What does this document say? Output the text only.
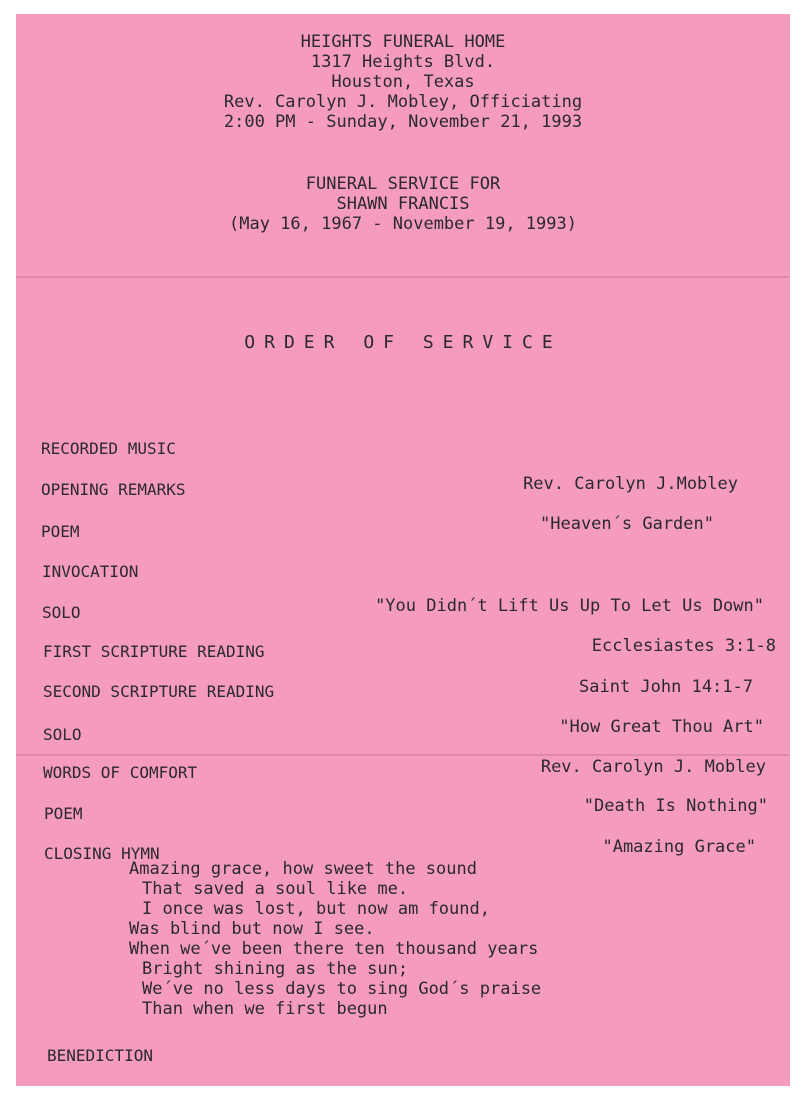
HEIGHTS FUNERAL HOME
1317 Heights Blvd.
Houston, Texas
Rev. Carolyn J. Mobley, Officiating
2:00 PM - Sunday, November 21, 1993
FUNERAL SERVICE FOR
SHAWN FRANCIS
(May 16, 1967 - November 19, 1993)
ORDER OF SERVICE
RECORDED MUSIC
OPENING REMARKS	Rev. Carolyn J.Mobley
POEM	"Heaven´s Garden"
INVOCATION
SOLO	"You Didn´t Lift Us Up To Let Us Down"
FIRST SCRIPTURE READING	Ecclesiastes 3:1-8
SECOND SCRIPTURE READING	Saint John 14:1-7
SOLO	"How Great Thou Art"
WORDS OF COMFORT	Rev. Carolyn J. Mobley
POEM	"Death Is Nothing"
CLOSING HYMN	"Amazing Grace"
Amazing grace, how sweet the sound
That saved a soul like me.
I once was lost, but now am found,
Was blind but now I see.
When we´ve been there ten thousand years
Bright shining as the sun;
We´ve no less days to sing God´s praise
Than when we first begun
BENEDICTION
